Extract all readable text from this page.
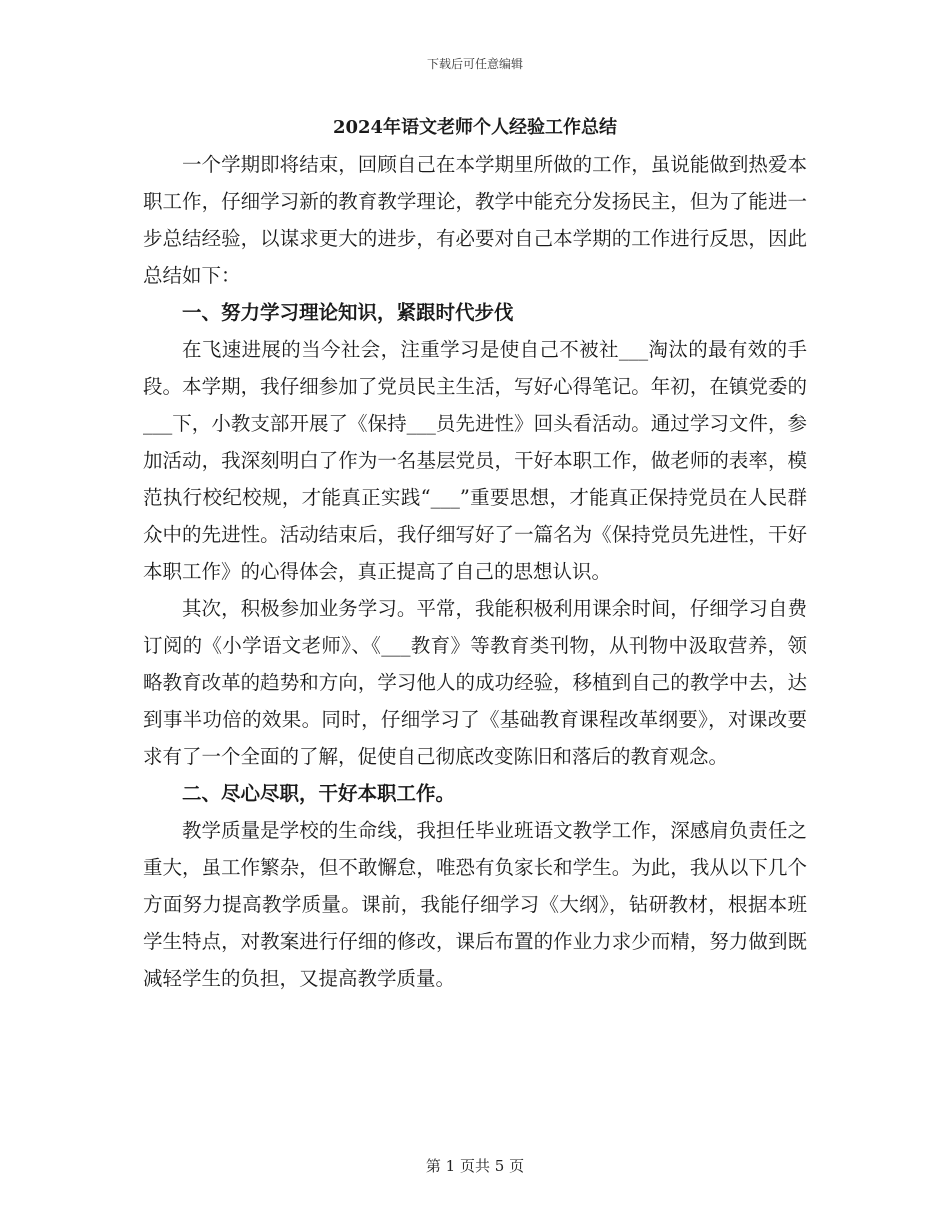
下载后可任意编辑
2024年语文老师个人经验工作总结

一个学期即将结束，回顾自己在本学期里所做的工作，虽说能做到热爱本职工作，仔细学习新的教育教学理论，教学中能充分发扬民主，但为了能进一步总结经验，以谋求更大的进步，有必要对自己本学期的工作进行反思，因此总结如下：

一、努力学习理论知识，紧跟时代步伐

在飞速进展的当今社会，注重学习是使自己不被社___淘汰的最有效的手段。本学期，我仔细参加了党员民主生活，写好心得笔记。年初，在镇党委的___下，小教支部开展了《保持___员先进性》回头看活动。通过学习文件，参加活动，我深刻明白了作为一名基层党员，干好本职工作，做老师的表率，模范执行校纪校规，才能真正实践“___”重要思想，才能真正保持党员在人民群众中的先进性。活动结束后，我仔细写好了一篇名为《保持党员先进性，干好本职工作》的心得体会，真正提高了自己的思想认识。

其次，积极参加业务学习。平常，我能积极利用课余时间，仔细学习自费订阅的《小学语文老师》、《___教育》等教育类刊物，从刊物中汲取营养，领略教育改革的趋势和方向，学习他人的成功经验，移植到自己的教学中去，达到事半功倍的效果。同时，仔细学习了《基础教育课程改革纲要》，对课改要求有了一个全面的了解，促使自己彻底改变陈旧和落后的教育观念。

二、尽心尽职，干好本职工作。

教学质量是学校的生命线，我担任毕业班语文教学工作，深感肩负责任之重大，虽工作繁杂，但不敢懈怠，唯恐有负家长和学生。为此，我从以下几个方面努力提高教学质量。课前，我能仔细学习《大纲》，钻研教材，根据本班学生特点，对教案进行仔细的修改，课后布置的作业力求少而精，努力做到既减轻学生的负担，又提高教学质量。

第 1 页共 5 页
